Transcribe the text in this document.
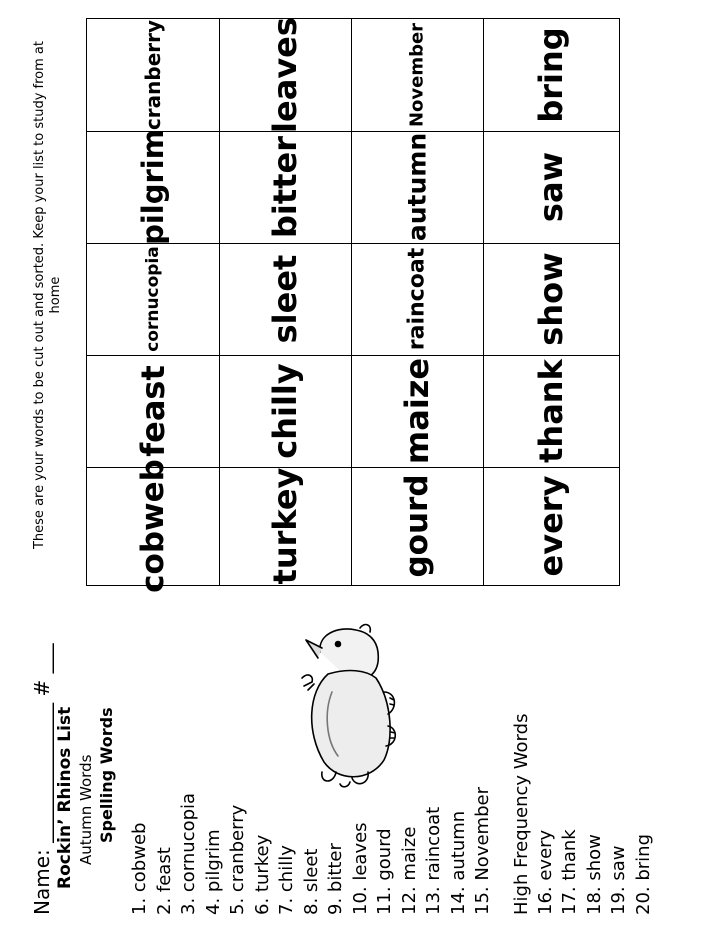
Name: ______________ # ___ Rockin’ Rhinos List Autumn Words Spelling Words
1. cobweb 2. feast 3. cornucopia 4. pilgrim 5. cranberry 6. turkey 7. chilly 8. sleet 9. bitter 10. leaves 11. gourd 12. maize 13. raincoat 14. autumn 15. November High Frequency Words 16. every 17. thank 18. show 19. saw 20. bring
These are your words to be cut out and sorted. Keep your list to study from at home
cobweb
feast
cornucopia
pilgrim
cranberry
turkey
chilly
sleet
bitter
leaves
gourd
maize
raincoat
autumn
November
every
thank
show
saw
bring
